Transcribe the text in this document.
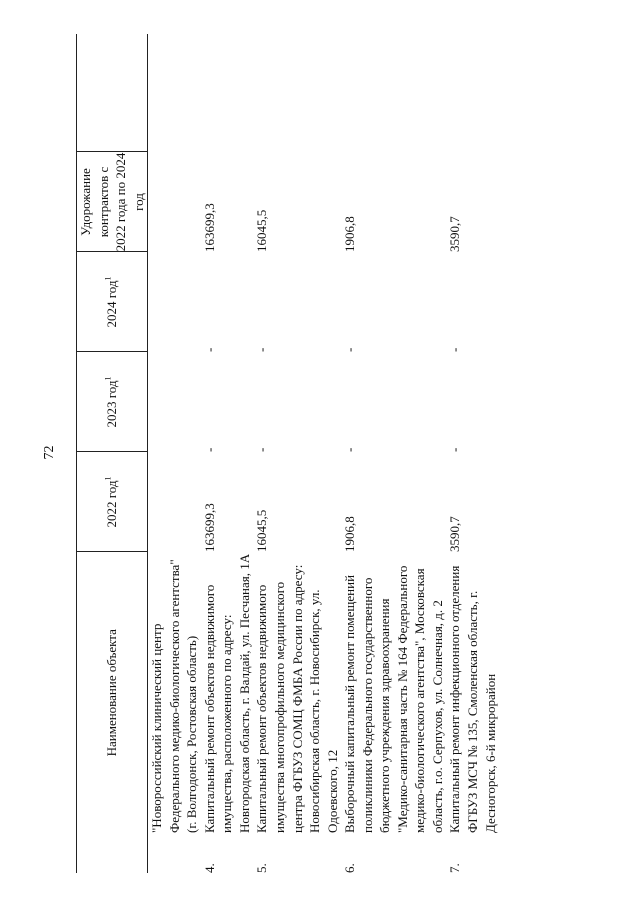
72
	Наименование объекта	2022 год$^1$	2023 год$^1$	2024 год$^1$	Удорожание контрактов с 2022 года по 2024 год	
	"Новороссийский клинический центр Федерального медико-биологического агентства" (г. Волгодонск, Ростовская область)					
4.	Капитальный ремонт объектов недвижимого имущества, расположенного по адресу: Новгородская область, г. Валдай, ул. Песчаная, 1А	163699,3	-	-	163699,3	
5.	Капитальный ремонт объектов недвижимого имущества многопрофильного медицинского центра ФГБУЗ СОМЦ ФМБА России по адресу: Новосибирская область, г. Новосибирск, ул. Одоевского, 12	16045,5	-	-	16045,5	
6.	Выборочный капитальный ремонт помещений поликлиники Федерального государственного бюджетного учреждения здравоохранения "Медико-санитарная часть № 164 Федерального медико-биологического агентства", Московская область, г.о. Серпухов, ул. Солнечная, д. 2	1906,8	-	-	1906,8	
7.	Капитальный ремонт инфекционного отделения ФГБУЗ МСЧ № 135, Смоленская область, г. Десногорск, 6-й микрорайон	3590,7	-	-	3590,7	
